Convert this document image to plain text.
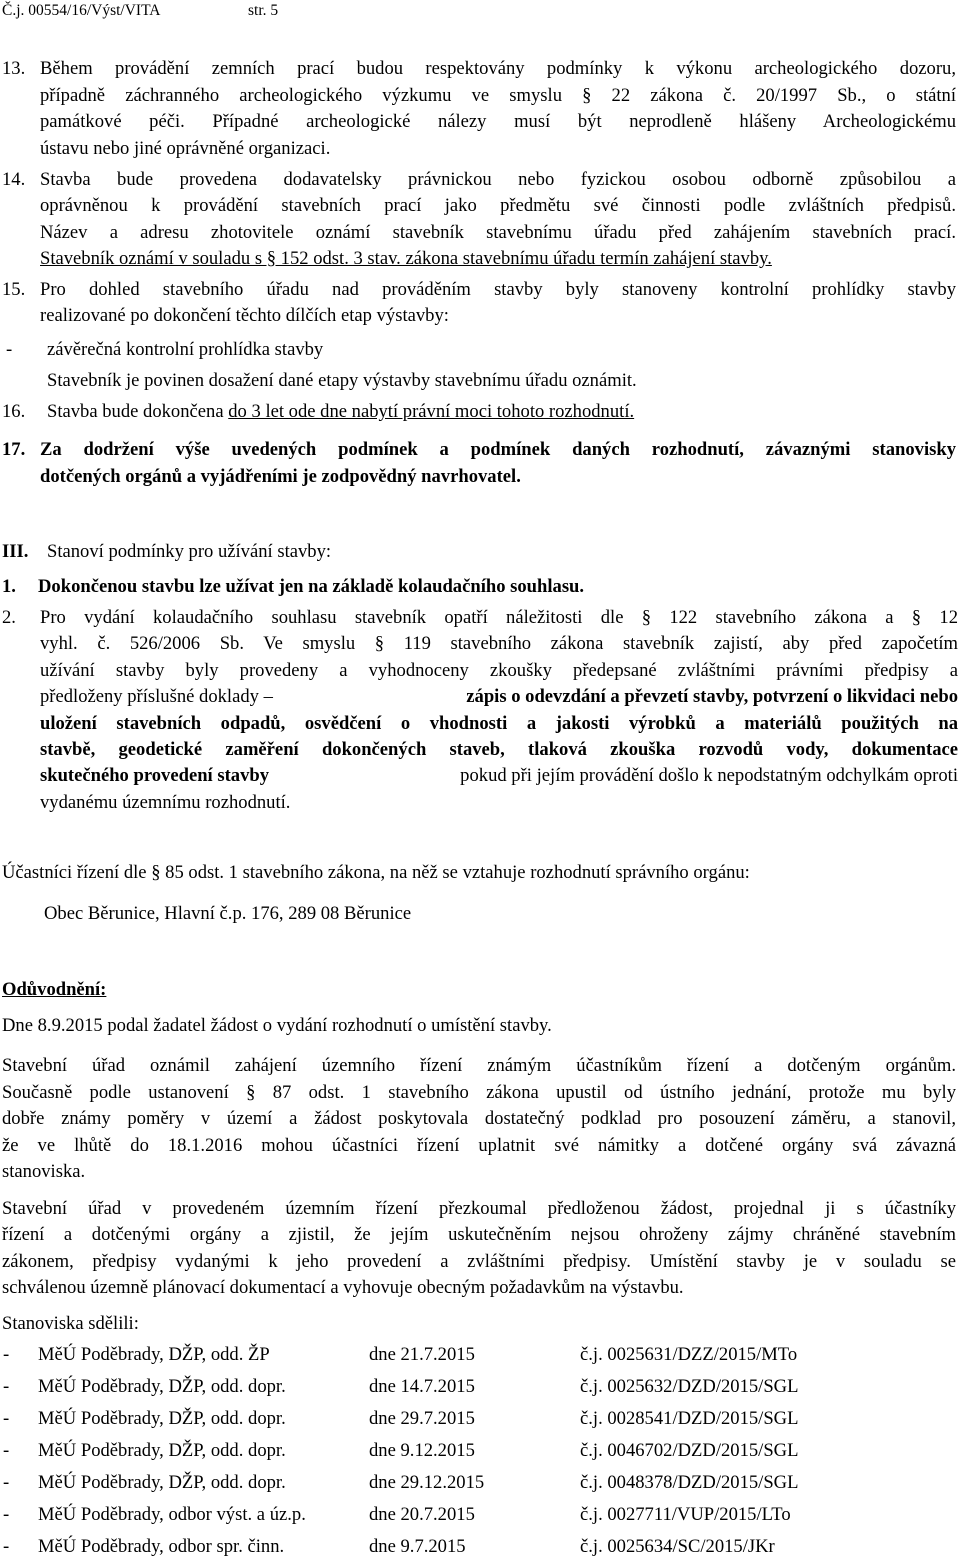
Č.j. 00554/16/Výst/VITA	str. 5
13. Během provádění zemních prací budou respektovány podmínky k výkonu archeologického dozoru,
případně záchranného archeologického výzkumu ve smyslu § 22 zákona č. 20/1997 Sb., o státní
památkové péči. Případné archeologické nálezy musí být neprodleně hlášeny Archeologickému
ústavu nebo jiné oprávněné organizaci.
14. Stavba bude provedena dodavatelsky právnickou nebo fyzickou osobou odborně způsobilou a
oprávněnou k provádění stavebních prací jako předmětu své činnosti podle zvláštních předpisů.
Název a adresu zhotovitele oznámí stavebník stavebnímu úřadu před zahájením stavebních prací.
Stavebník oznámí v souladu s § 152 odst. 3 stav. zákona stavebnímu úřadu termín zahájení stavby.
15. Pro dohled stavebního úřadu nad prováděním stavby byly stanoveny kontrolní prohlídky stavby
realizované po dokončení těchto dílčích etap výstavby:
- závěrečná kontrolní prohlídka stavby
Stavebník je povinen dosažení dané etapy výstavby stavebnímu úřadu oznámit.
16. Stavba bude dokončena do 3 let ode dne nabytí právní moci tohoto rozhodnutí.
17. Za dodržení výše uvedených podmínek a podmínek daných rozhodnutí, závaznými stanovisky
dotčených orgánů a vyjádřeními je zodpovědný navrhovatel.
III. Stanoví podmínky pro užívání stavby:
1. Dokončenou stavbu lze užívat jen na základě kolaudačního souhlasu.
2. Pro vydání kolaudačního souhlasu stavebník opatří náležitosti dle § 122 stavebního zákona a § 12
vyhl. č. 526/2006 Sb. Ve smyslu § 119 stavebního zákona stavebník zajistí, aby před započetím
užívání stavby byly provedeny a vyhodnoceny zkoušky předepsané zvláštními právními předpisy a
předloženy příslušné doklady –	zápis o odevzdání a převzetí stavby, potvrzení o likvidaci nebo
uložení stavebních odpadů, osvědčení o vhodnosti a jakosti výrobků a materiálů použitých na
stavbě, geodetické zaměření dokončených staveb, tlaková zkouška rozvodů vody, dokumentace
skutečného provedení stavby	pokud při jejím provádění došlo k nepodstatným odchylkám oproti
vydanému územnímu rozhodnutí.
Účastníci řízení dle § 85 odst. 1 stavebního zákona, na něž se vztahuje rozhodnutí správního orgánu:
Obec Běrunice, Hlavní č.p. 176, 289 08 Běrunice
Odůvodnění:
Dne 8.9.2015 podal žadatel žádost o vydání rozhodnutí o umístění stavby.
Stavební úřad oznámil zahájení územního řízení známým účastníkům řízení a dotčeným orgánům.
Současně podle ustanovení § 87 odst. 1 stavebního zákona upustil od ústního jednání, protože mu byly
dobře známy poměry v území a žádost poskytovala dostatečný podklad pro posouzení záměru, a stanovil,
že ve lhůtě do 18.1.2016 mohou účastníci řízení uplatnit své námitky a dotčené orgány svá závazná
stanoviska.
Stavební úřad v provedeném územním řízení přezkoumal předloženou žádost, projednal ji s účastníky
řízení a dotčenými orgány a zjistil, že jejím uskutečněním nejsou ohroženy zájmy chráněné stavebním
zákonem, předpisy vydanými k jeho provedení a zvláštními předpisy. Umístění stavby je v souladu se
schválenou územně plánovací dokumentací a vyhovuje obecným požadavkům na výstavbu.
Stanoviska sdělili:
- MěÚ Poděbrady, DŽP, odd. ŽP	dne 21.7.2015	č.j. 0025631/DZZ/2015/MTo
- MěÚ Poděbrady, DŽP, odd. dopr.	dne 14.7.2015	č.j. 0025632/DZD/2015/SGL
- MěÚ Poděbrady, DŽP, odd. dopr.	dne 29.7.2015	č.j. 0028541/DZD/2015/SGL
- MěÚ Poděbrady, DŽP, odd. dopr.	dne 9.12.2015	č.j. 0046702/DZD/2015/SGL
- MěÚ Poděbrady, DŽP, odd. dopr.	dne 29.12.2015	č.j. 0048378/DZD/2015/SGL
- MěÚ Poděbrady, odbor výst. a úz.p.	dne 20.7.2015	č.j. 0027711/VUP/2015/LTo
- MěÚ Poděbrady, odbor spr. činn.	dne 9.7.2015	č.j. 0025634/SC/2015/JKr
